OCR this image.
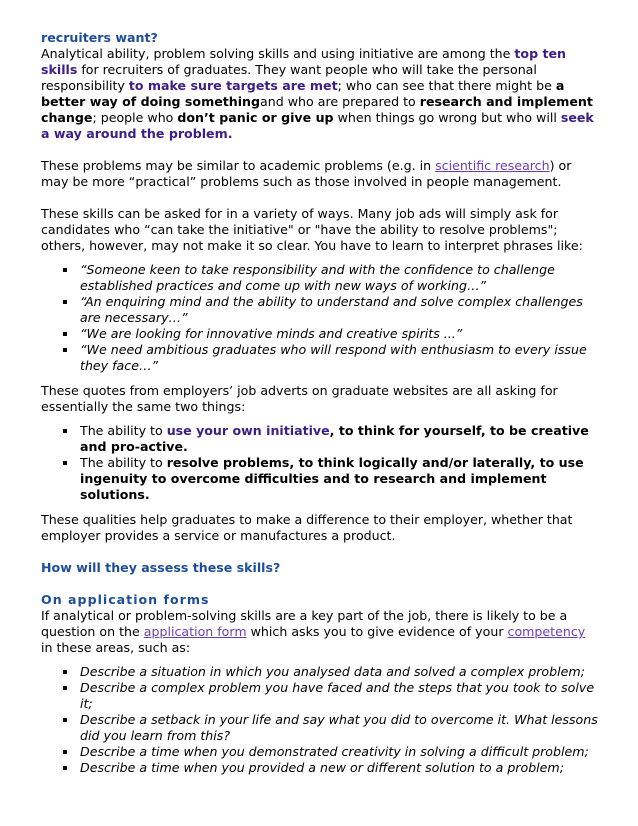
recruiters want?

Analytical ability, problem solving skills and using initiative are among the top ten skills for recruiters of graduates. They want people who will take the personal responsibility to make sure targets are met; who can see that there might be a better way of doing somethingand who are prepared to research and implement change; people who don’t panic or give up when things go wrong but who will seek a way around the problem.

These problems may be similar to academic problems (e.g. in scientific research) or may be more “practical” problems such as those involved in people management.

These skills can be asked for in a variety of ways. Many job ads will simply ask for candidates who “can take the initiative" or "have the ability to resolve problems"; others, however, may not make it so clear. You have to learn to interpret phrases like:

“Someone keen to take responsibility and with the confidence to challenge established practices and come up with new ways of working…”
“An enquiring mind and the ability to understand and solve complex challenges are necessary…”
“We are looking for innovative minds and creative spirits ...”
“We need ambitious graduates who will respond with enthusiasm to every issue they face…”

These quotes from employers’ job adverts on graduate websites are all asking for essentially the same two things:

The ability to use your own initiative, to think for yourself, to be creative and pro-active.
The ability to resolve problems, to think logically and/or laterally, to use ingenuity to overcome difficulties and to research and implement solutions.

These qualities help graduates to make a difference to their employer, whether that employer provides a service or manufactures a product.

How will they assess these skills?
On application forms

If analytical or problem-solving skills are a key part of the job, there is likely to be a question on the application form which asks you to give evidence of your competency in these areas, such as:

Describe a situation in which you analysed data and solved a complex problem;
Describe a complex problem you have faced and the steps that you took to solve it;
Describe a setback in your life and say what you did to overcome it. What lessons did you learn from this?
Describe a time when you demonstrated creativity in solving a difficult problem;
Describe a time when you provided a new or different solution to a problem;
